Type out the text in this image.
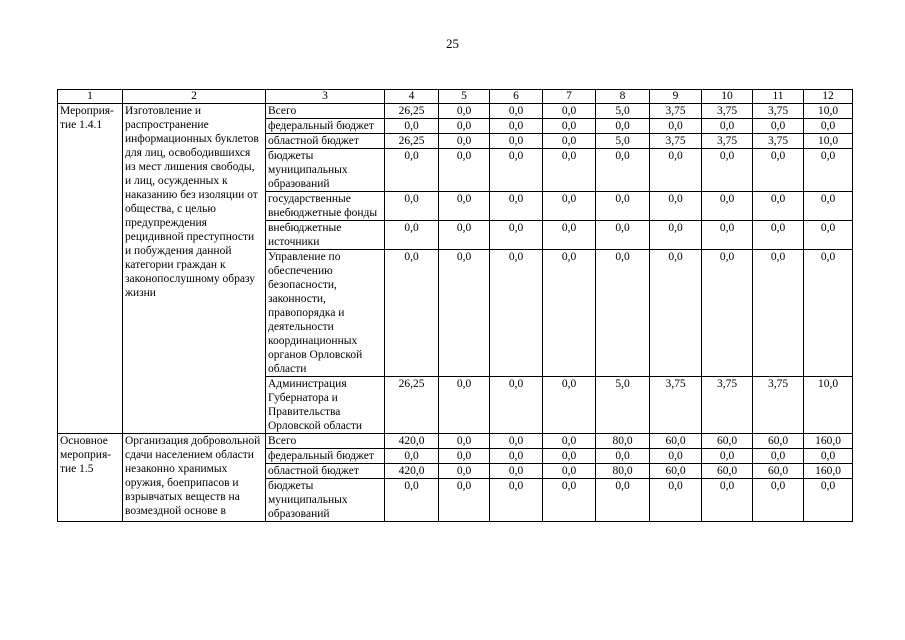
25
1	2	3	4	5	6	7	8	9	10	11	12
Мероприя-
тие 1.4.1	Изготовление и распространение информационных буклетов для лиц, освободившихся из мест лишения свободы, и лиц, осужденных к наказанию без изоляции от общества, с целью предупреждения рецидивной преступности и побуждения данной категории граждан к законопослушному образу жизни	Всего	26,25	0,0	0,0	0,0	5,0	3,75	3,75	3,75	10,0
		федеральный бюджет	0,0	0,0	0,0	0,0	0,0	0,0	0,0	0,0	0,0
		областной бюджет	26,25	0,0	0,0	0,0	5,0	3,75	3,75	3,75	10,0
		бюджеты муниципальных образований	0,0	0,0	0,0	0,0	0,0	0,0	0,0	0,0	0,0
		государственные внебюджетные фонды	0,0	0,0	0,0	0,0	0,0	0,0	0,0	0,0	0,0
		внебюджетные источники	0,0	0,0	0,0	0,0	0,0	0,0	0,0	0,0	0,0
		Управление по обеспечению безопасности, законности, правопорядка и деятельности координационных органов Орловской области	0,0	0,0	0,0	0,0	0,0	0,0	0,0	0,0	0,0
		Администрация Губернатора и Правительства Орловской области	26,25	0,0	0,0	0,0	5,0	3,75	3,75	3,75	10,0
Основное мероприя-
тие 1.5	Организация добровольной сдачи населением области незаконно хранимых оружия, боеприпасов и взрывчатых веществ на возмездной основе в	Всего	420,0	0,0	0,0	0,0	80,0	60,0	60,0	60,0	160,0
		федеральный бюджет	0,0	0,0	0,0	0,0	0,0	0,0	0,0	0,0	0,0
		областной бюджет	420,0	0,0	0,0	0,0	80,0	60,0	60,0	60,0	160,0
		бюджеты муниципальных образований	0,0	0,0	0,0	0,0	0,0	0,0	0,0	0,0	0,0
